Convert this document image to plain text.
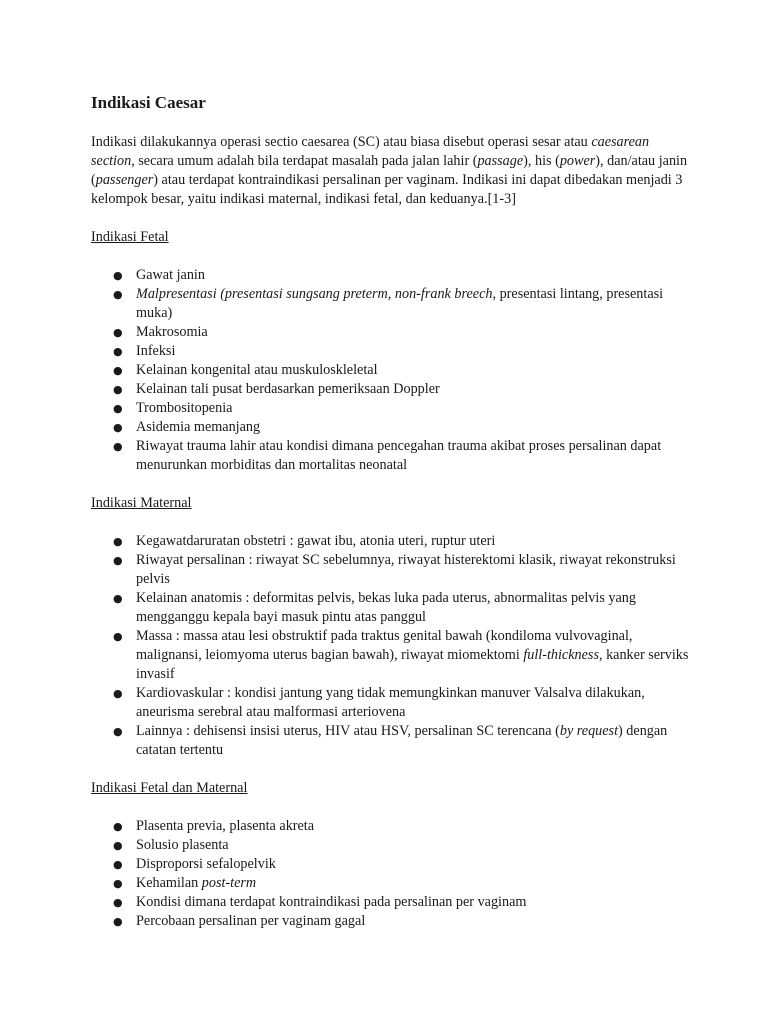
Indikasi Caesar

Indikasi dilakukannya operasi sectio caesarea (SC) atau biasa disebut operasi sesar atau caesarean section, secara umum adalah bila terdapat masalah pada jalan lahir (passage), his (power), dan/atau janin (passenger) atau terdapat kontraindikasi persalinan per vaginam. Indikasi ini dapat dibedakan menjadi 3 kelompok besar, yaitu indikasi maternal, indikasi fetal, dan keduanya.[1-3]

Indikasi Fetal
● Gawat janin
● Malpresentasi (presentasi sungsang preterm, non-frank breech, presentasi lintang, presentasi muka)
● Makrosomia
● Infeksi
● Kelainan kongenital atau muskuloskleletal
● Kelainan tali pusat berdasarkan pemeriksaan Doppler
● Trombositopenia
● Asidemia memanjang
● Riwayat trauma lahir atau kondisi dimana pencegahan trauma akibat proses persalinan dapat menurunkan morbiditas dan mortalitas neonatal
Indikasi Maternal
● Kegawatdaruratan obstetri : gawat ibu, atonia uteri, ruptur uteri
● Riwayat persalinan : riwayat SC sebelumnya, riwayat histerektomi klasik, riwayat rekonstruksi pelvis
● Kelainan anatomis : deformitas pelvis, bekas luka pada uterus, abnormalitas pelvis yang mengganggu kepala bayi masuk pintu atas panggul
● Massa : massa atau lesi obstruktif pada traktus genital bawah (kondiloma vulvovaginal, malignansi, leiomyoma uterus bagian bawah), riwayat miomektomi full-thickness, kanker serviks invasif
● Kardiovaskular : kondisi jantung yang tidak memungkinkan manuver Valsalva dilakukan, aneurisma serebral atau malformasi arteriovena
● Lainnya : dehisensi insisi uterus, HIV atau HSV, persalinan SC terencana (by request) dengan catatan tertentu
Indikasi Fetal dan Maternal
● Plasenta previa, plasenta akreta
● Solusio plasenta
● Disproporsi sefalopelvik
● Kehamilan post-term
● Kondisi dimana terdapat kontraindikasi pada persalinan per vaginam
● Percobaan persalinan per vaginam gagal
